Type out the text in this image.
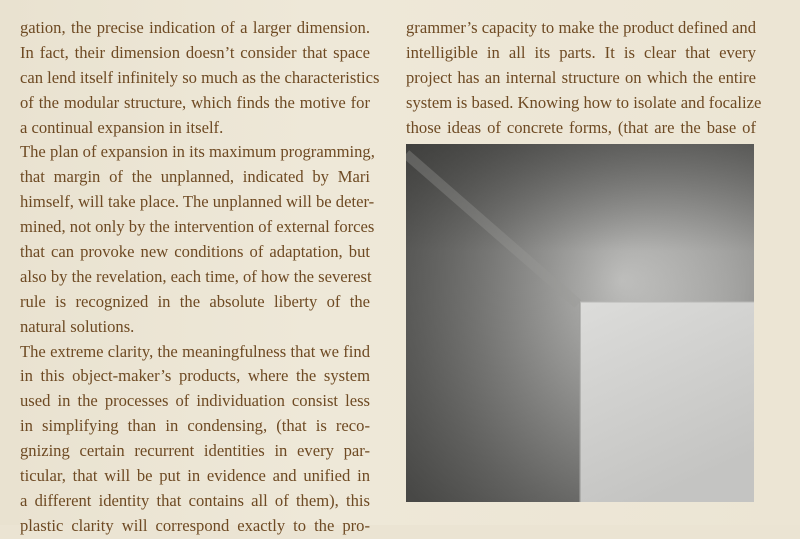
gation, the precise indication of a larger dimension.
In fact, their dimension doesn’t consider that space
can lend itself infinitely so much as the characteristics
of the modular structure, which finds the motive for
a continual expansion in itself.
The plan of expansion in its maximum programming,
that margin of the unplanned, indicated by Mari
himself, will take place. The unplanned will be deter-
mined, not only by the intervention of external forces
that can provoke new conditions of adaptation, but
also by the revelation, each time, of how the severest
rule is recognized in the absolute liberty of the
natural solutions.
The extreme clarity, the meaningfulness that we find
in this object-maker’s products, where the system
used in the processes of individuation consist less
in simplifying than in condensing, (that is reco-
gnizing certain recurrent identities in every par-
ticular, that will be put in evidence and unified in
a different identity that contains all of them), this
plastic clarity will correspond exactly to the pro-
grammer’s capacity to make the product defined and
intelligible in all its parts. It is clear that every
project has an internal structure on which the entire
system is based. Knowing how to isolate and focalize
those ideas of concrete forms, (that are the base of
